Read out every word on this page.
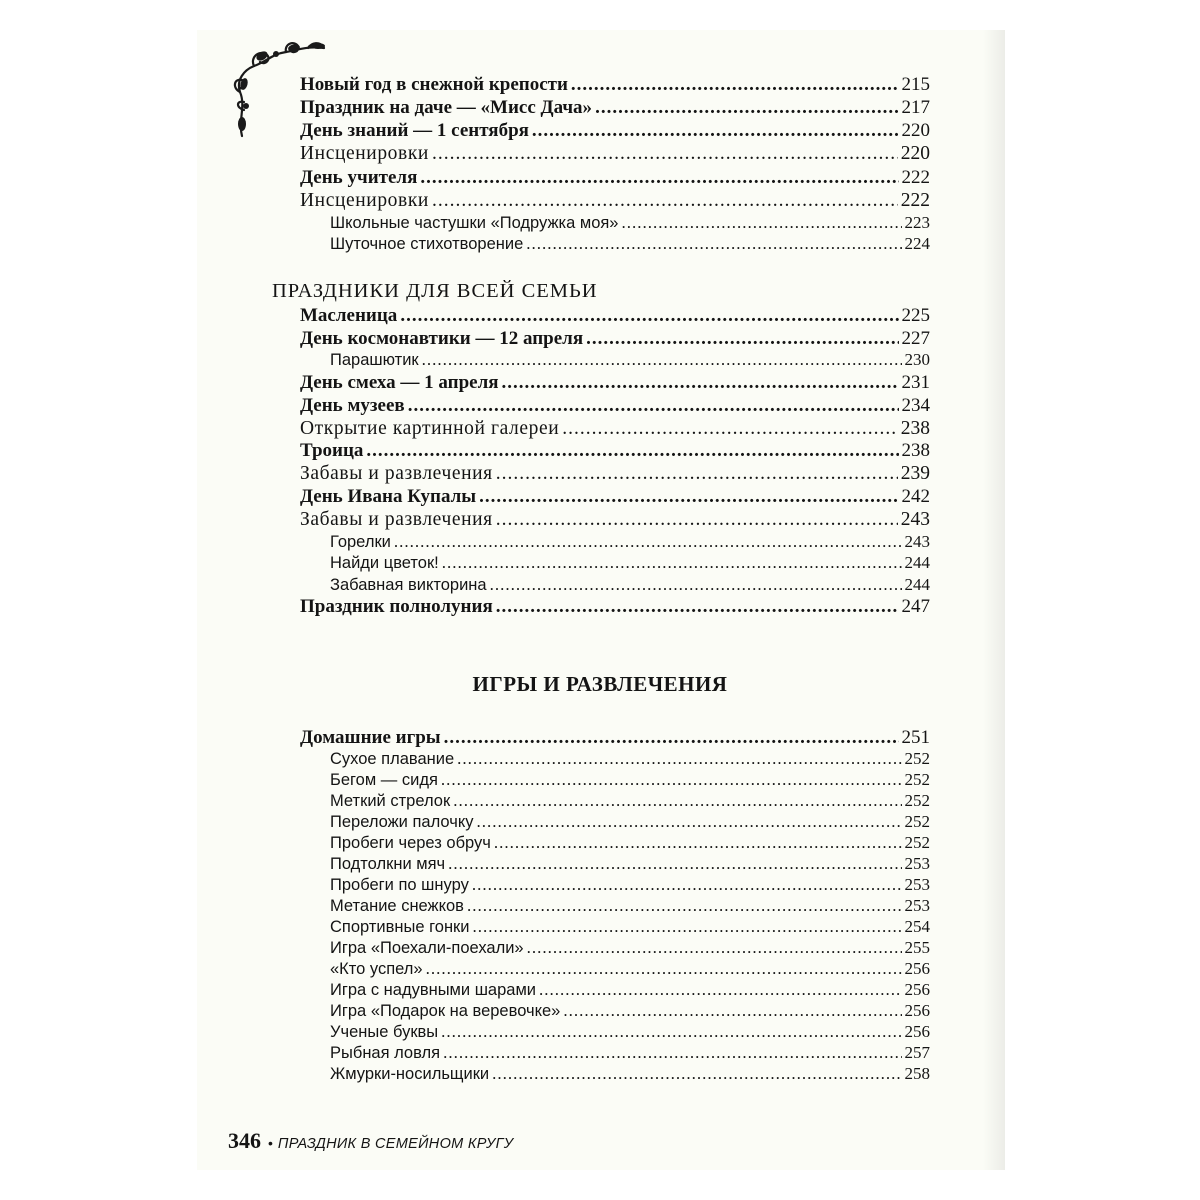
ПРАЗДНИКИ ДЛЯ ВСЕЙ СЕМЬИ
ИГРЫ И РАЗВЛЕЧЕНИЯ
Новый год в снежной крепости .....	215
Праздник на даче — «Мисс Дача» .....	217
День знаний — 1 сентября .....	220
Инсценировки .....	220
День учителя .....	222
Инсценировки .....	222
Школьные частушки «Подружка моя» .....	223
Шуточное стихотворение .....	224
Масленица .....	225
День космонавтики — 12 апреля .....	227
Парашютик .....	230
День смеха — 1 апреля .....	231
День музеев .....	234
Открытие картинной галереи .....	238
Троица .....	238
Забавы и развлечения .....	239
День Ивана Купалы .....	242
Забавы и развлечения .....	243
Горелки .....	243
Найди цветок! .....	244
Забавная викторина .....	244
Праздник полнолуния .....	247
Домашние игры .....	251
Сухое плавание .....	252
Бегом — сидя .....	252
Меткий стрелок .....	252
Переложи палочку .....	252
Пробеги через обруч .....	252
Подтолкни мяч .....	253
Пробеги по шнуру .....	253
Метание снежков .....	253
Спортивные гонки .....	254
Игра «Поехали-поехали» .....	255
«Кто успел» .....	256
Игра с надувными шарами .....	256
Игра «Подарок на веревочке» .....	256
Ученые буквы .....	256
Рыбная ловля .....	257
Жмурки-носильщики .....	258
346 • ПРАЗДНИК В СЕМЕЙНОМ КРУГУ
